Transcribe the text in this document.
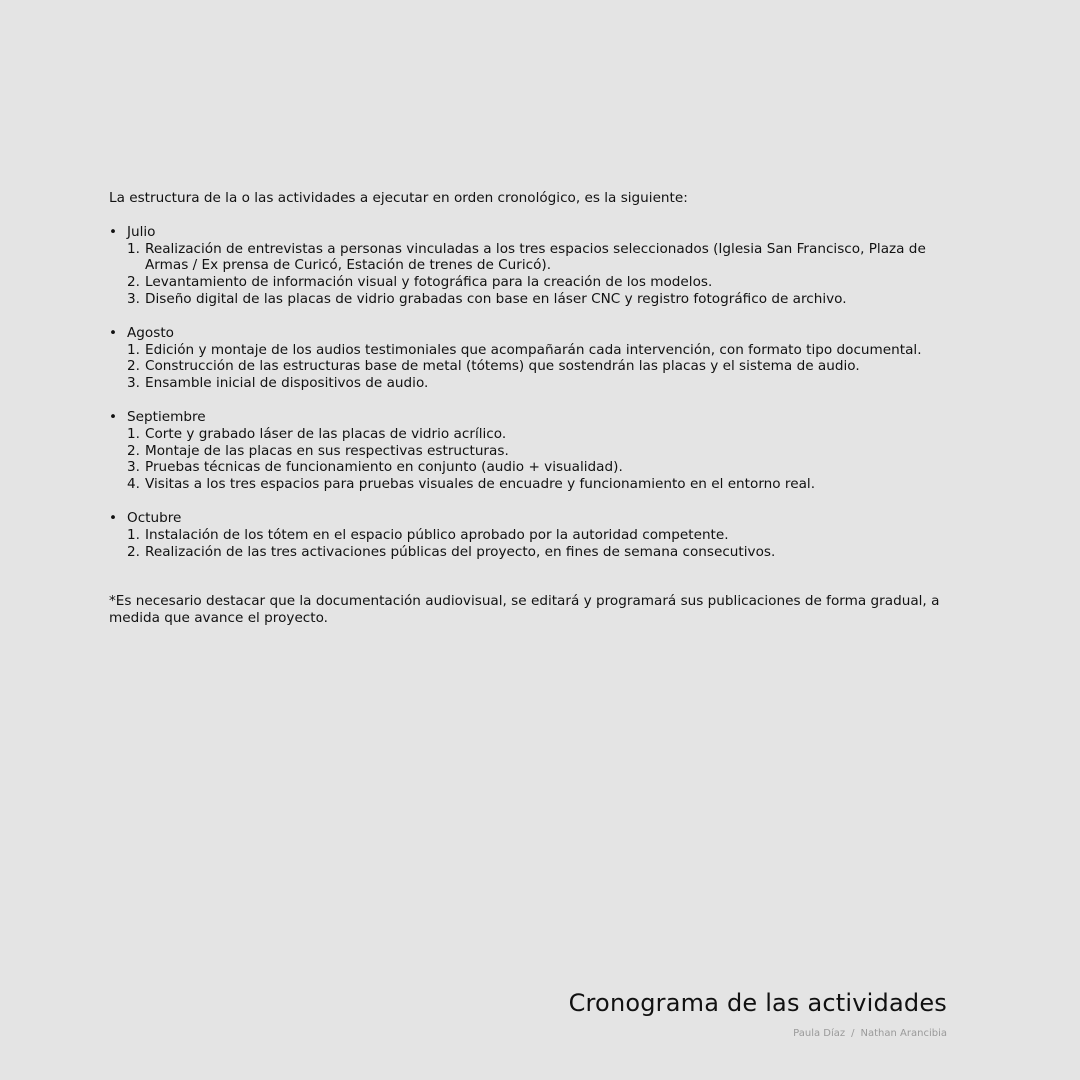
La estructura de la o las actividades a ejecutar en orden cronológico, es la siguiente:

• Julio
1. Realización de entrevistas a personas vinculadas a los tres espacios seleccionados (Iglesia San Francisco, Plaza de Armas / Ex prensa de Curicó, Estación de trenes de Curicó).
2. Levantamiento de información visual y fotográfica para la creación de los modelos.
3. Diseño digital de las placas de vidrio grabadas con base en láser CNC y registro fotográfico de archivo.
• Agosto
1. Edición y montaje de los audios testimoniales que acompañarán cada intervención, con formato tipo documental.
2. Construcción de las estructuras base de metal (tótems) que sostendrán las placas y el sistema de audio.
3. Ensamble inicial de dispositivos de audio.
• Septiembre
1. Corte y grabado láser de las placas de vidrio acrílico.
2. Montaje de las placas en sus respectivas estructuras.
3. Pruebas técnicas de funcionamiento en conjunto (audio + visualidad).
4. Visitas a los tres espacios para pruebas visuales de encuadre y funcionamiento en el entorno real.
• Octubre
1. Instalación de los tótem en el espacio público aprobado por la autoridad competente.
2. Realización de las tres activaciones públicas del proyecto, en fines de semana consecutivos.

*Es necesario destacar que la documentación audiovisual, se editará y programará sus publicaciones de forma gradual, a medida que avance el proyecto.

Cronograma de las actividades
Paula Díaz / Nathan Arancibia
